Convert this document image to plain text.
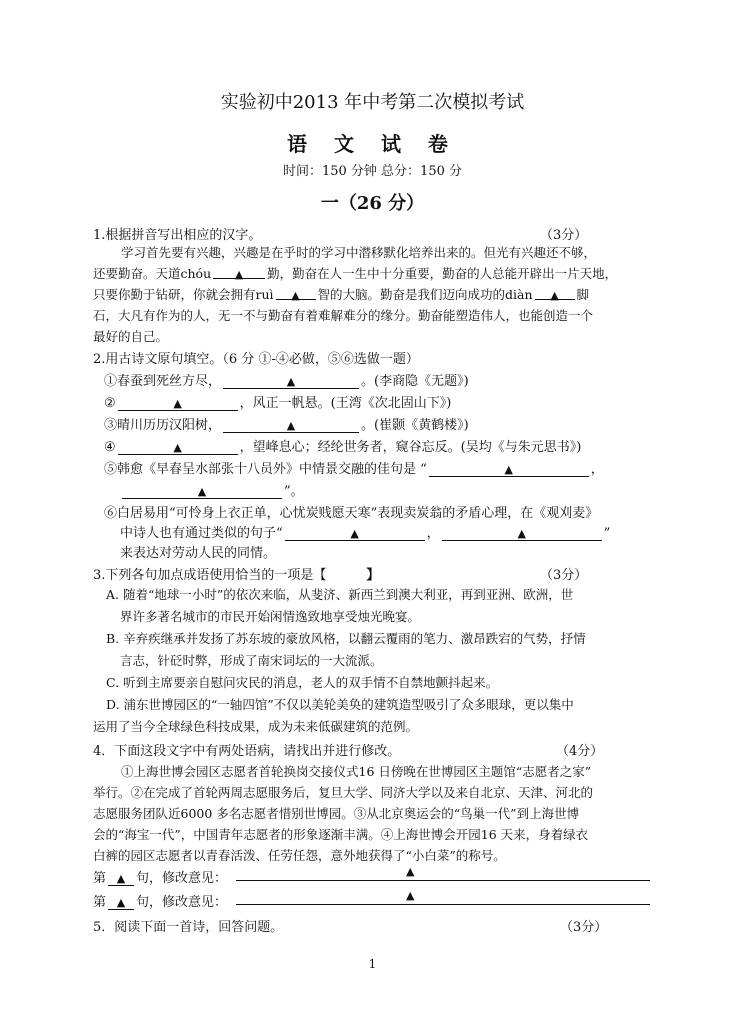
实验初中2013 年中考第二次模拟考试
语 文 试 卷
时间：150 分钟 总分：150 分
一（26 分）
1.根据拼音写出相应的汉字。	（3分）
学习首先要有兴趣，兴趣是在乎时的学习中潜移默化培养出来的。但光有兴趣还不够，
还要勤奋。天道chóu ▲ 勤，勤奋在人一生中十分重要，勤奋的人总能开辟出一片天地，
只要你勤于钻研，你就会拥有ruì ▲ 智的大脑。勤奋是我们迈向成功的diàn ▲ 脚
石，大凡有作为的人，无一不与勤奋有着难解难分的缘分。勤奋能塑造伟人，也能创造一个
最好的自己。
2.用古诗文原句填空。（6 分 ①-④必做，⑤⑥选做一题）
①春蚕到死丝方尽，	▲	。(李商隐《无题》)
②	▲	，风正一帆悬。(王湾《次北固山下》)
③晴川历历汉阳树，	▲	。(崔颢《黄鹤楼》)
④	▲	，望峰息心；经纶世务者，窥谷忘反。(吴均《与朱元思书》)
⑤韩愈《早春呈水部张十八员外》中情景交融的佳句是 “	▲	，
▲	”。
⑥白居易用“可怜身上衣正单，心忧炭贱愿天寒”表现卖炭翁的矛盾心理，在《观刈麦》
中诗人也有通过类似的句子“	▲	，	▲	”
来表达对劳动人民的同情。
3.下列各句加点成语使用恰当的一项是【	】	（3分）
A. 随着“地球一小时”的依次来临，从斐济、新西兰到澳大利亚，再到亚洲、欧洲，世
界许多著名城市的市民开始闲情逸致地享受烛光晚宴。
B. 辛弃疾继承并发扬了苏东坡的豪放风格，以翻云覆雨的笔力、激昂跌宕的气势，抒情
言志，针砭时弊，形成了南宋词坛的一大流派。
C. 听到主席要亲自慰问灾民的消息，老人的双手情不自禁地颤抖起来。
D. 浦东世博园区的“一轴四馆”不仅以美轮美奂的建筑造型吸引了众多眼球，更以集中
运用了当今全球绿色科技成果，成为未来低碳建筑的范例。
4．下面这段文字中有两处语病，请找出并进行修改。	（4分）
①上海世博会园区志愿者首轮换岗交接仪式16 日傍晚在世博园区主题馆“志愿者之家”
举行。②在完成了首轮两周志愿服务后，复旦大学、同济大学以及来自北京、天津、河北的
志愿服务团队近6000 多名志愿者惜别世博园。③从北京奥运会的“鸟巢一代”到上海世博
会的“海宝一代”，中国青年志愿者的形象逐渐丰满。④上海世博会开园16 天来，身着绿衣
白裤的园区志愿者以青春活泼、任劳任怨，意外地获得了“小白菜”的称号。
第 ▲ 句，修改意见：	▲
第 ▲ 句，修改意见：	▲
5．阅读下面一首诗，回答问题。	（3分）
1
